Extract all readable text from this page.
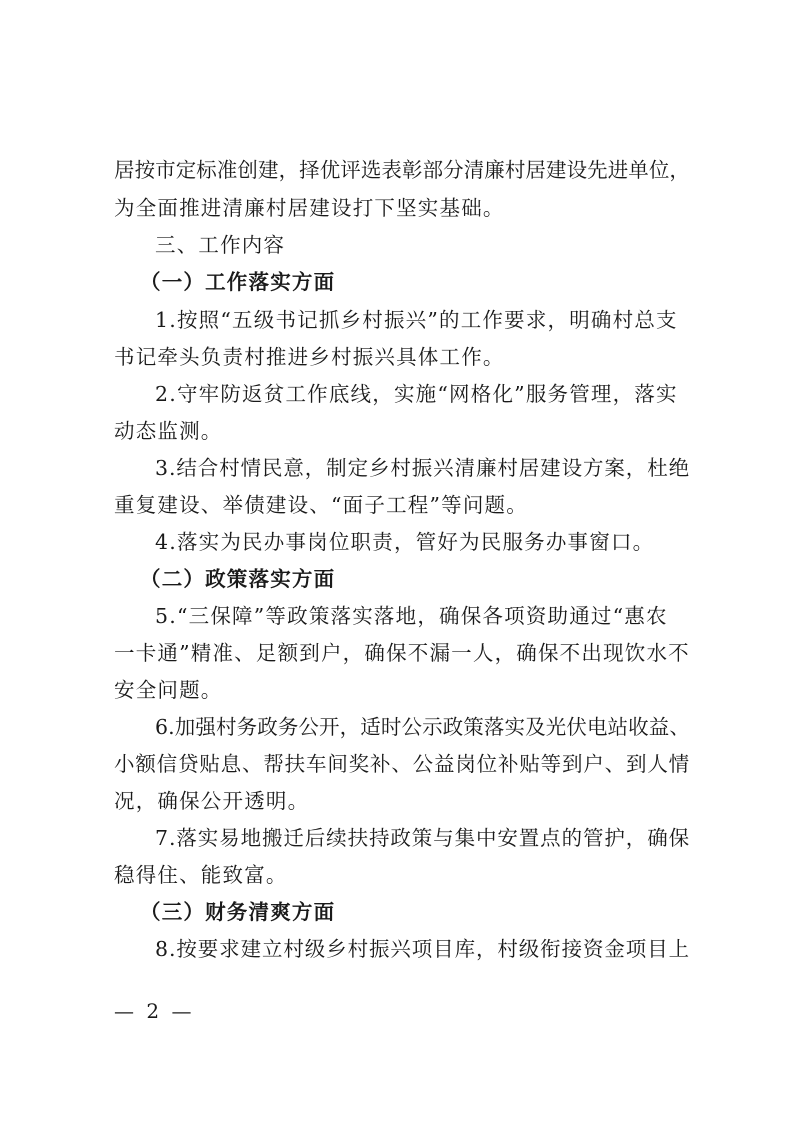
居按市定标准创建，择优评选表彰部分清廉村居建设先进单位，
为全面推进清廉村居建设打下坚实基础。
三、工作内容
（一）工作落实方面
1.按照“五级书记抓乡村振兴”的工作要求，明确村总支
书记牵头负责村推进乡村振兴具体工作。
2.守牢防返贫工作底线，实施“网格化”服务管理，落实
动态监测。
3.结合村情民意，制定乡村振兴清廉村居建设方案，杜绝
重复建设、举债建设、“面子工程”等问题。
4.落实为民办事岗位职责，管好为民服务办事窗口。
（二）政策落实方面
5.“三保障”等政策落实落地，确保各项资助通过“惠农
一卡通”精准、足额到户，确保不漏一人，确保不出现饮水不
安全问题。
6.加强村务政务公开，适时公示政策落实及光伏电站收益、
小额信贷贴息、帮扶车间奖补、公益岗位补贴等到户、到人情
况，确保公开透明。
7.落实易地搬迁后续扶持政策与集中安置点的管护，确保
稳得住、能致富。
（三）财务清爽方面
8.按要求建立村级乡村振兴项目库，村级衔接资金项目上
— 2 —
